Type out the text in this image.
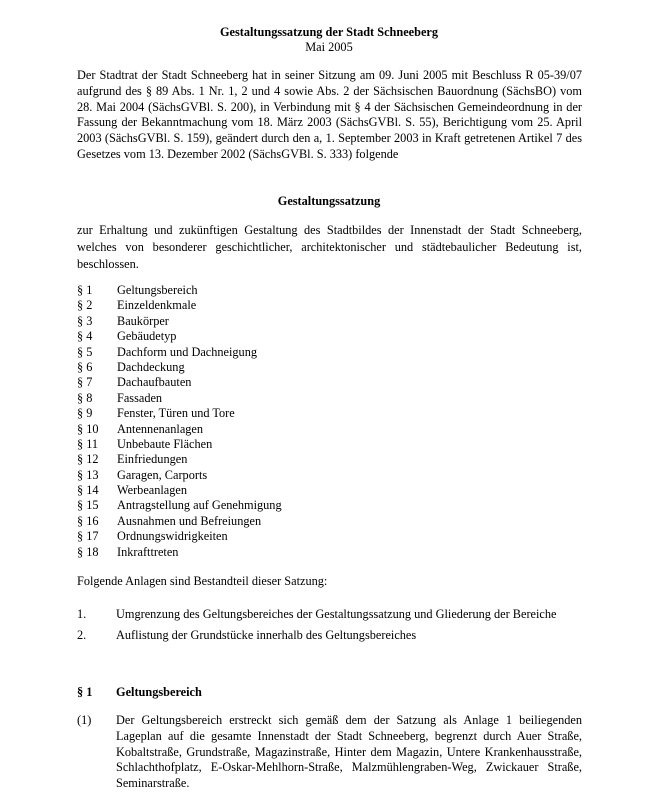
Gestaltungssatzung der Stadt Schneeberg
Mai 2005
Der Stadtrat der Stadt Schneeberg hat in seiner Sitzung am 09. Juni 2005 mit Beschluss R 05-39/07 aufgrund des § 89 Abs. 1 Nr. 1, 2 und 4 sowie Abs. 2 der Sächsischen Bauordnung (SächsBO) vom 28. Mai 2004 (SächsGVBl. S. 200), in Verbindung mit § 4 der Sächsischen Gemeindeordnung in der Fassung der Bekanntmachung vom 18. März 2003 (SächsGVBl. S. 55), Berichtigung vom 25. April 2003 (SächsGVBl. S. 159), geändert durch den a, 1. September 2003 in Kraft getretenen Artikel 7 des Gesetzes vom 13. Dezember 2002 (SächsGVBl. S. 333) folgende
Gestaltungssatzung
zur Erhaltung und zukünftigen Gestaltung des Stadtbildes der Innenstadt der Stadt Schneeberg, welches von besonderer geschichtlicher, architektonischer und städtebaulicher Bedeutung ist, beschlossen.
§ 1	Geltungsbereich
§ 2	Einzeldenkmale
§ 3	Baukörper
§ 4	Gebäudetyp
§ 5	Dachform und Dachneigung
§ 6	Dachdeckung
§ 7	Dachaufbauten
§ 8	Fassaden
§ 9	Fenster, Türen und Tore
§ 10	Antennenanlagen
§ 11	Unbebaute Flächen
§ 12	Einfriedungen
§ 13	Garagen, Carports
§ 14	Werbeanlagen
§ 15	Antragstellung auf Genehmigung
§ 16	Ausnahmen und Befreiungen
§ 17	Ordnungswidrigkeiten
§ 18	Inkrafttreten
Folgende Anlagen sind Bestandteil dieser Satzung:
1.	Umgrenzung des Geltungsbereiches der Gestaltungssatzung und Gliederung der Bereiche
2.	Auflistung der Grundstücke innerhalb des Geltungsbereiches
§ 1	Geltungsbereich
(1)	Der Geltungsbereich erstreckt sich gemäß dem der Satzung als Anlage 1 beiliegenden Lageplan auf die gesamte Innenstadt der Stadt Schneeberg, begrenzt durch Auer Straße, Kobaltstraße, Grundstraße, Magazinstraße, Hinter dem Magazin, Untere Krankenhausstraße, Schlachthofplatz, E-Oskar-Mehlhorn-Straße, Malzmühlengraben-Weg, Zwickauer Straße, Seminarstraße.
